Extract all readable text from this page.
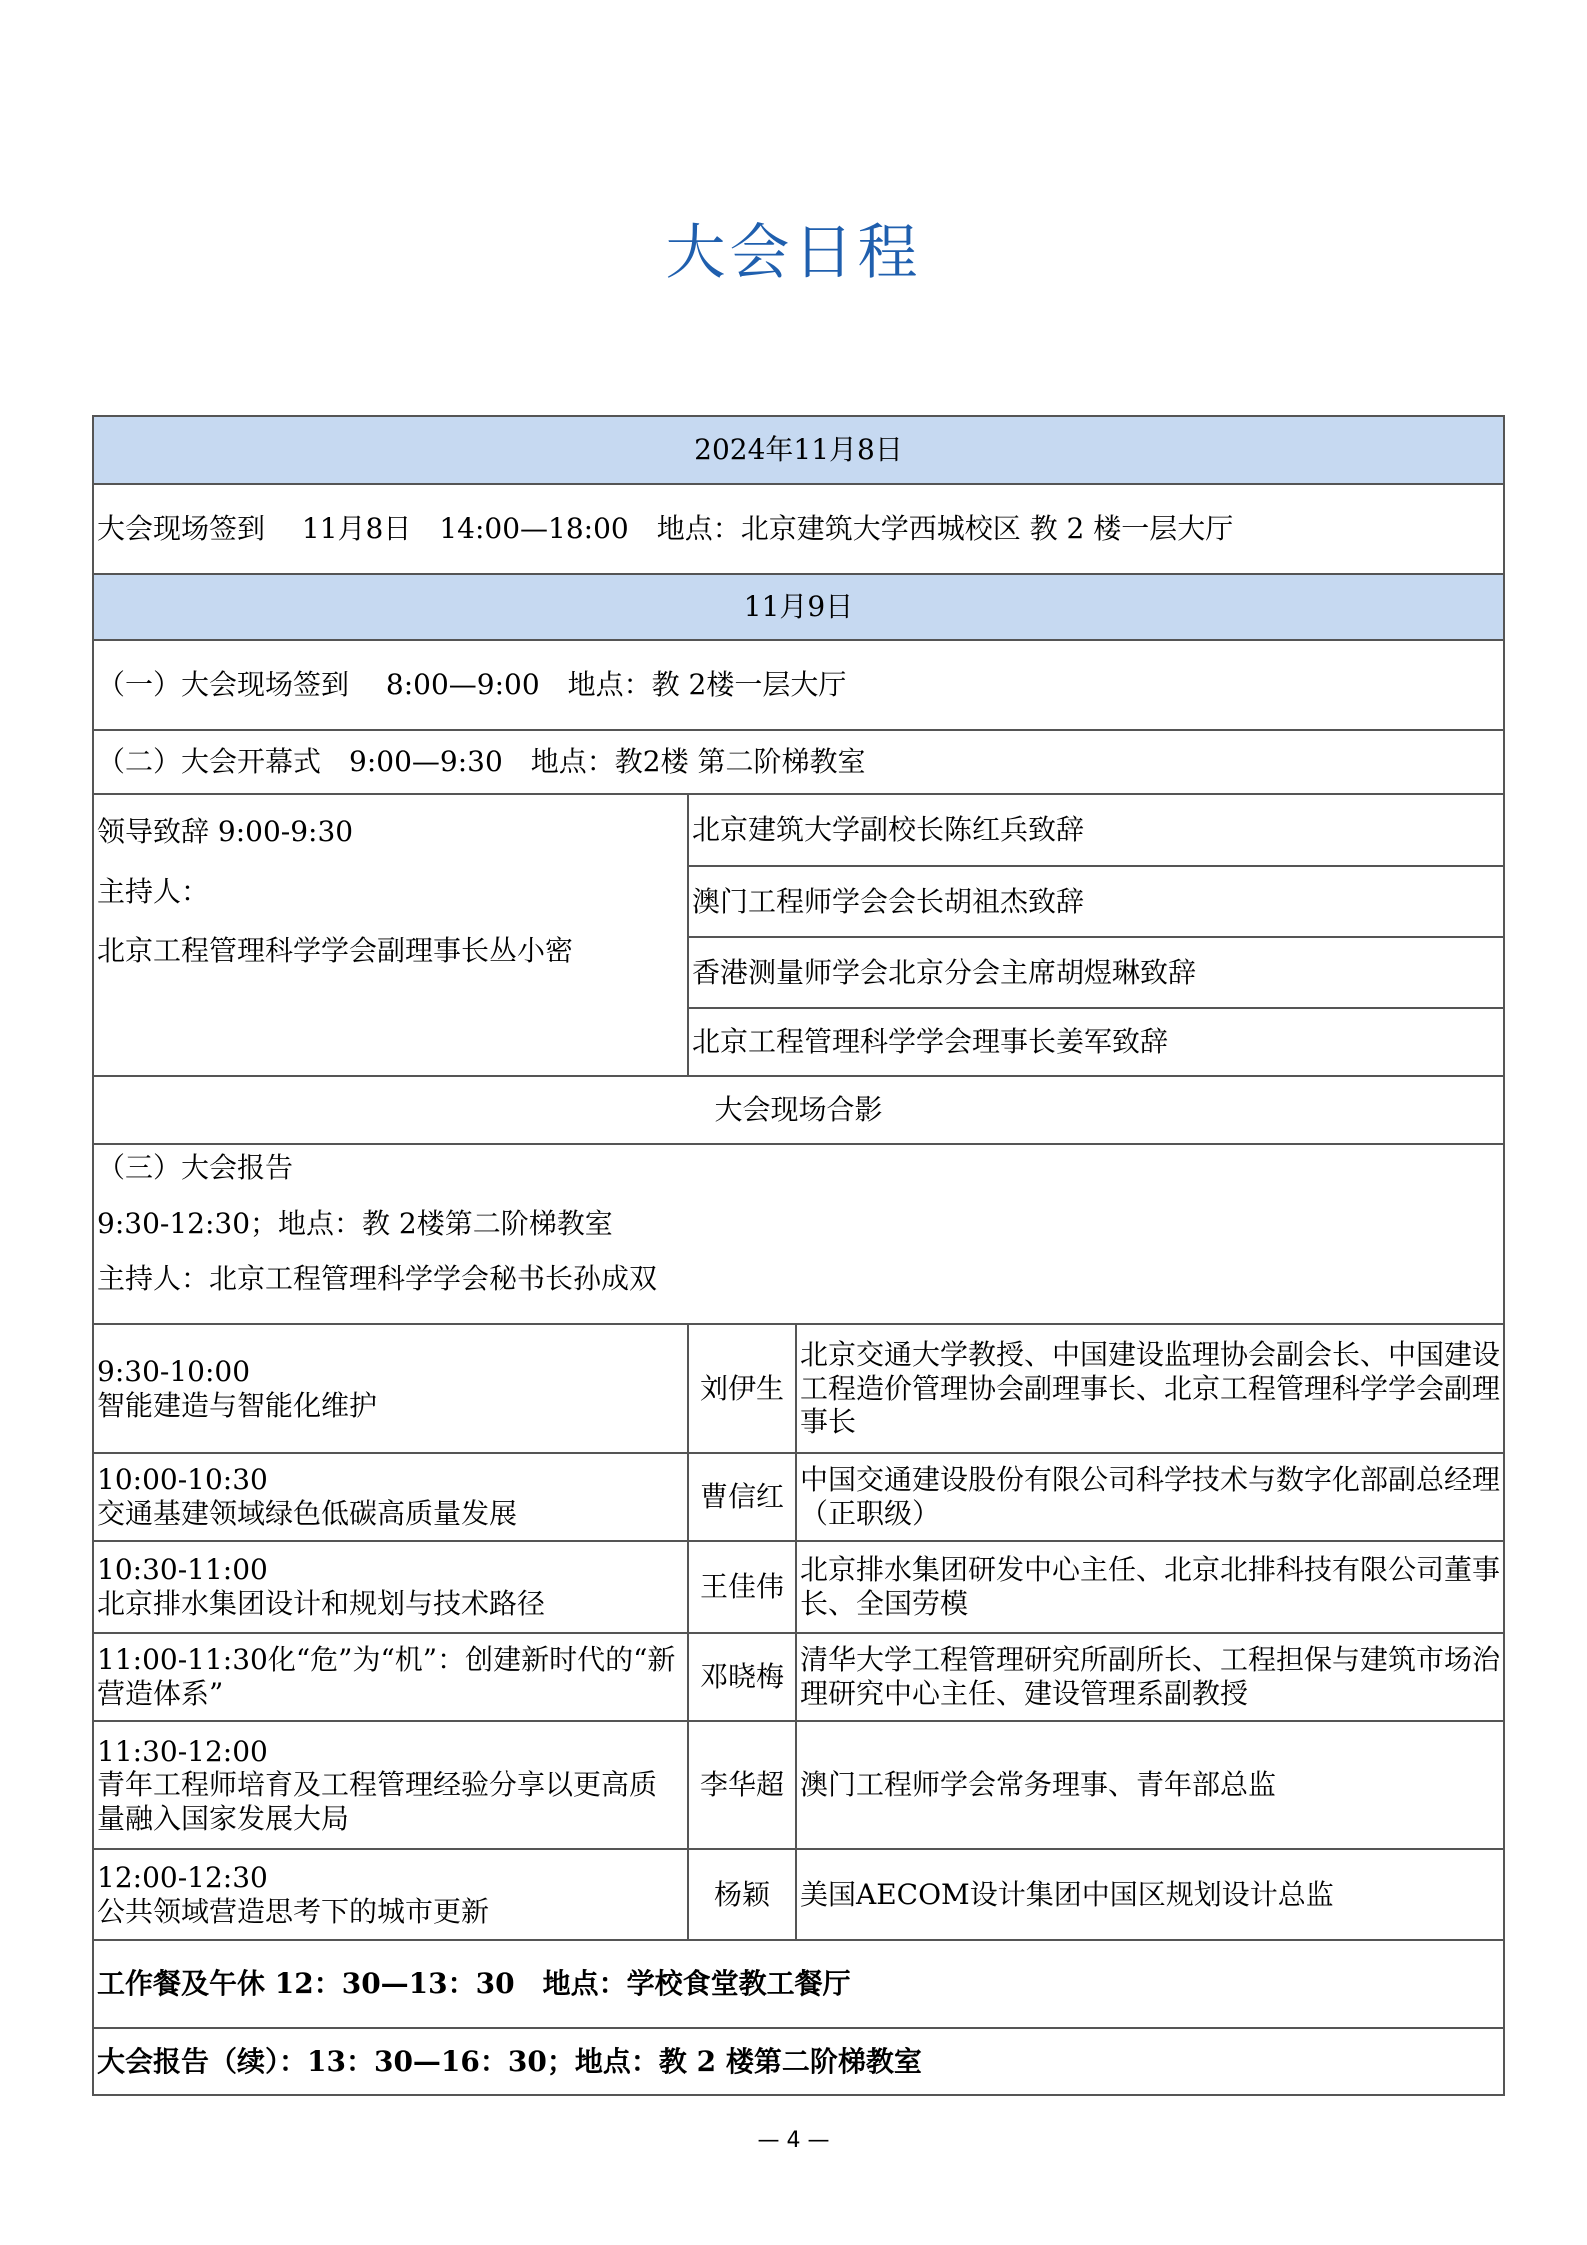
大会日程
2024年11月8日		
大会现场签到　 11月8日　14:00—18:00　地点：北京建筑大学西城校区 教 2 楼一层大厅		
11月9日		
（一）大会现场签到　 8:00—9:00　地点：教 2楼一层大厅		
（二）大会开幕式　9:00—9:30　地点：教2楼 第二阶梯教室		

领导致辞 9:00-9:30
主持人：
北京工程管理科学学会副理事长丛小密	北京建筑大学副校长陈红兵致辞	
	澳门工程师学会会长胡祖杰致辞	
	香港测量师学会北京分会主席胡煜琳致辞	
	北京工程管理科学学会理事长姜军致辞	
大会现场合影		

（三）大会报告
9:30-12:30；地点：教 2楼第二阶梯教室
主持人：北京工程管理科学学会秘书长孙成双		

9:30-10:00
智能建造与智能化维护	刘伊生	北京交通大学教授、中国建设监理协会副会长、中国建设工程造价管理协会副理事长、北京工程管理科学学会副理事长

10:00-10:30
交通基建领域绿色低碳高质量发展	曹信红	中国交通建设股份有限公司科学技术与数字化部副总经理（正职级）

10:30-11:00
北京排水集团设计和规划与技术路径	王佳伟	北京排水集团研发中心主任、北京北排科技有限公司董事长、全国劳模
11:00-11:30化“危”为“机”：创建新时代的“新营造体系”	邓晓梅	清华大学工程管理研究所副所长、工程担保与建筑市场治理研究中心主任、建设管理系副教授

11:30-12:00
青年工程师培育及工程管理经验分享以更高质量融入国家发展大局	李华超	澳门工程师学会常务理事、青年部总监

12:00-12:30
公共领域营造思考下的城市更新	杨颖	美国AECOM设计集团中国区规划设计总监
工作餐及午休 12：30—13：30　地点：学校食堂教工餐厅		
大会报告（续）：13：30—16：30；地点：教 2 楼第二阶梯教室		
— 4 —
